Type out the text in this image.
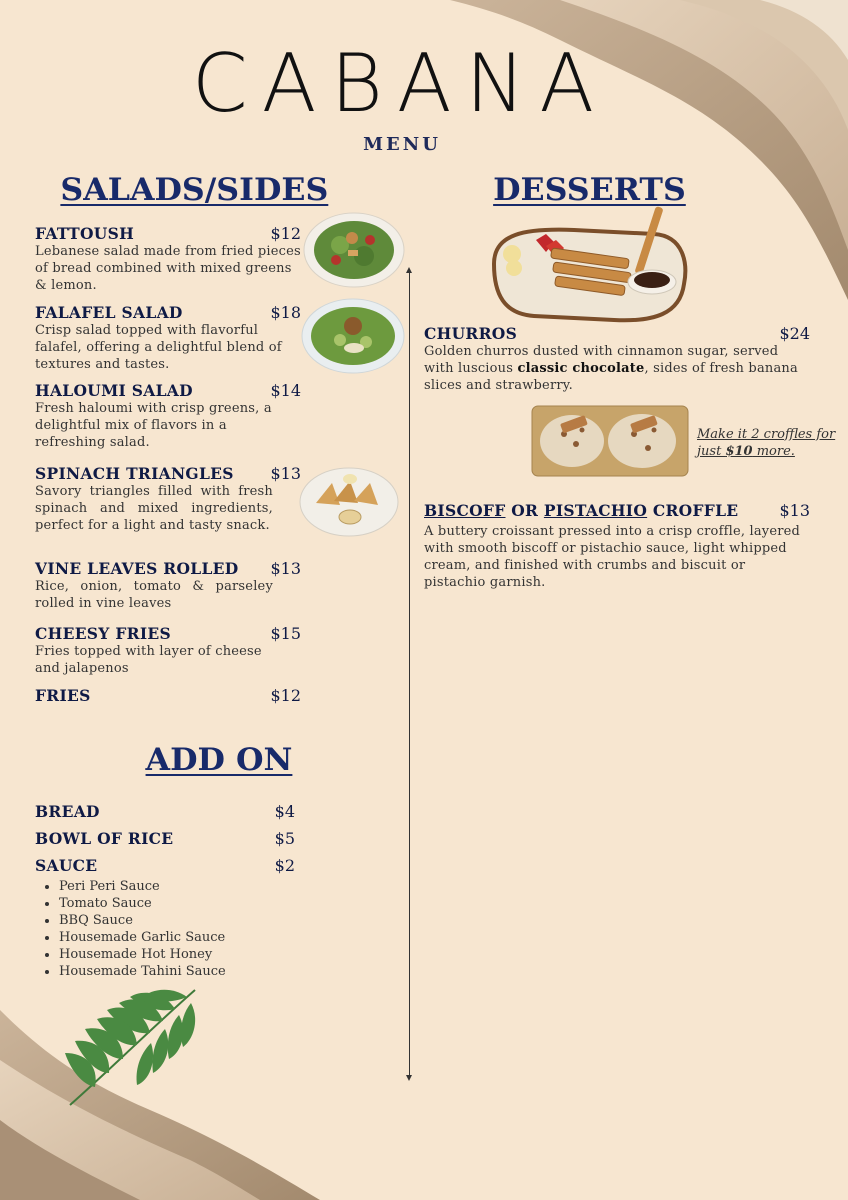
CABANA
MENU
SALADS/SIDES
FATTOUSH	$12
Lebanese salad made from fried pieces of bread combined with mixed greens & lemon.
FALAFEL SALAD	$18
Crisp salad topped with flavorful falafel, offering a delightful blend of textures and tastes.
HALOUMI SALAD	$14
Fresh haloumi with crisp greens, a delightful mix of flavors in a refreshing salad.
SPINACH TRIANGLES $13
Savory triangles filled with fresh spinach and mixed ingredients, perfect for a light and tasty snack.
VINE LEAVES ROLLED $13
Rice, onion, tomato & parseley rolled in vine leaves
CHEESY FRIES	$15
Fries topped with layer of cheese and jalapenos
FRIES	$12
ADD ON
BREAD	$4
BOWL OF RICE	$5
SAUCE	$2
• Peri Peri Sauce
• Tomato Sauce
• BBQ Sauce
• Housemade Garlic Sauce
• Housemade Hot Honey
• Housemade Tahini Sauce
DESSERTS
CHURROS	$24
Golden churros dusted with cinnamon sugar, served with luscious classic chocolate, sides of fresh banana slices and strawberry.
Make it 2 croffles for just $10 more.
BISCOFF OR PISTACHIO CROFFLE	$13
A buttery croissant pressed into a crisp croffle, layered with smooth biscoff or pistachio sauce, light whipped cream, and finished with crumbs and biscuit or pistachio garnish.
